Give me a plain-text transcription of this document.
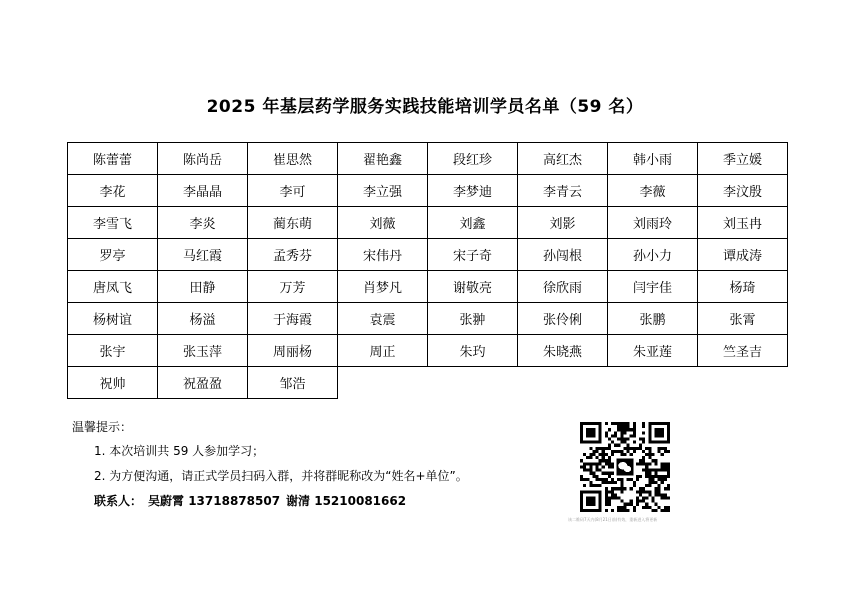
2025 年基层药学服务实践技能培训学员名单（59 名）
陈蕾蕾	陈尚岳	崔思然	翟艳鑫	段红珍	高红杰	韩小雨	季立媛
李花	李晶晶	李可	李立强	李梦迪	李青云	李薇	李汶殷
李雪飞	李炎	蔺东萌	刘薇	刘鑫	刘影	刘雨玲	刘玉冉
罗亭	马红霞	孟秀芬	宋伟丹	宋子奇	孙闯根	孙小力	谭成涛
唐凤飞	田静	万芳	肖梦凡	谢敬亮	徐欣雨	闫宇佳	杨琦
杨树谊	杨溢	于海霞	袁震	张翀	张伶俐	张鹏	张霄
张宇	张玉萍	周丽杨	周正	朱玓	朱晓燕	朱亚莲	竺圣吉
祝帅	祝盈盈	邹浩					
温馨提示：
1. 本次培训共 59 人参加学习；
2. 为方便沟通，请正式学员扫码入群，并将群昵称改为“姓名+单位”。
联系人： 吴蔚霄 13718878507 谢清 15210081662
该二维码7天内(8月21日前)有效，重新进入将更新
